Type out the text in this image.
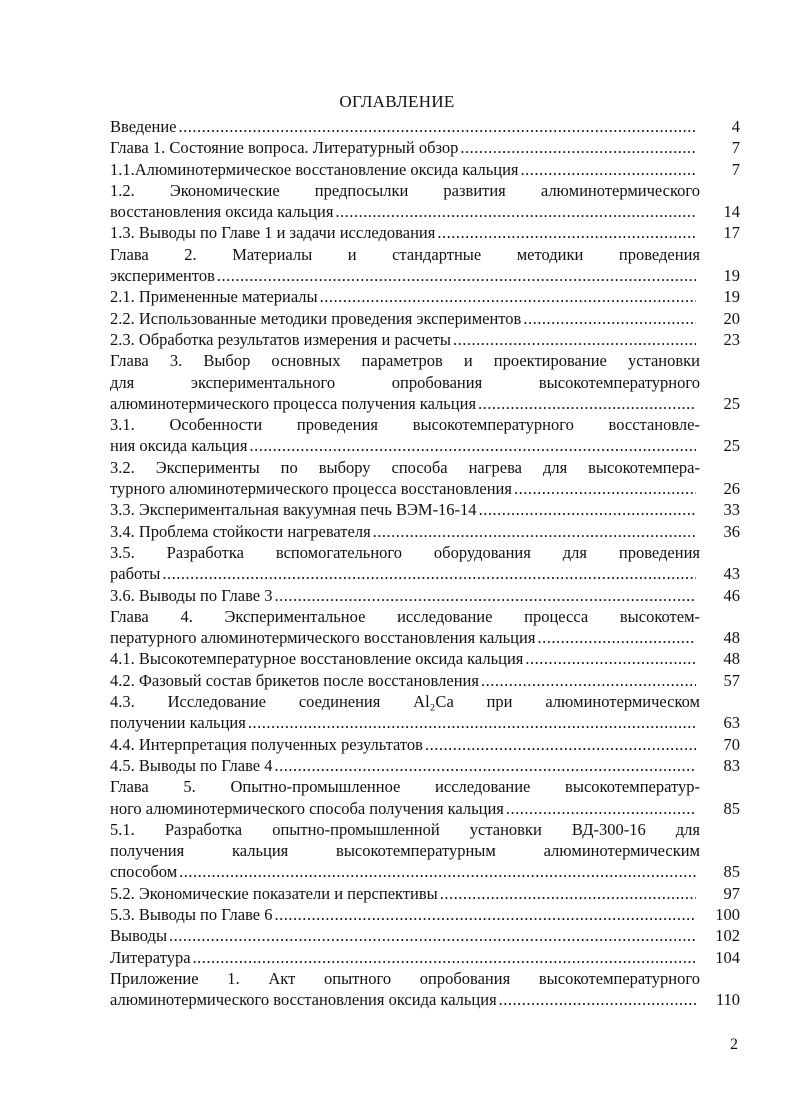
ОГЛАВЛЕНИЕ
Введение .....	4
Глава 1. Состояние вопроса. Литературный обзор .....	7
1.1.Алюминотермическое восстановление оксида кальция .....	7
1.2. Экономические предпосылки развития алюминотермического
восстановления оксида кальция .....	14
1.3. Выводы по Главе 1 и задачи исследования .....	17
Глава 2. Материалы и стандартные методики проведения
экспериментов .....	19
2.1. Примененные материалы .....	19
2.2. Использованные методики проведения экспериментов .....	20
2.3. Обработка результатов измерения и расчеты .....	23
Глава 3. Выбор основных параметров и проектирование установки
для экспериментального опробования высокотемпературного
алюминотермического процесса получения кальция .....	25
3.1. Особенности проведения высокотемпературного восстановле-
ния оксида кальция .....	25
3.2. Эксперименты по выбору способа нагрева для высокотемпера-
турного алюминотермического процесса восстановления .....	26
3.3. Экспериментальная вакуумная печь ВЭМ-16-14 .....	33
3.4. Проблема стойкости нагревателя .....	36
3.5. Разработка вспомогательного оборудования для проведения
работы .....	43
3.6. Выводы по Главе 3 .....	46
Глава 4. Экспериментальное исследование процесса высокотем-
пературного алюминотермического восстановления кальция .....	48
4.1. Высокотемпературное восстановление оксида кальция .....	48
4.2. Фазовый состав брикетов после восстановления .....	57
4.3. Исследование соединения Al₂Ca при алюминотермическом
получении кальция .....	63
4.4. Интерпретация полученных результатов .....	70
4.5. Выводы по Главе 4 .....	83
Глава 5. Опытно-промышленное исследование высокотемператур-
ного алюминотермического способа получения кальция .....	85
5.1. Разработка опытно-промышленной установки ВД-300-16 для
получения кальция высокотемпературным алюминотермическим
способом .....	85
5.2. Экономические показатели и перспективы .....	97
5.3. Выводы по Главе 6 .....	100
Выводы .....	102
Литература .....	104
Приложение 1. Акт опытного опробования высокотемпературного
алюминотермического восстановления оксида кальция .....	110
2
